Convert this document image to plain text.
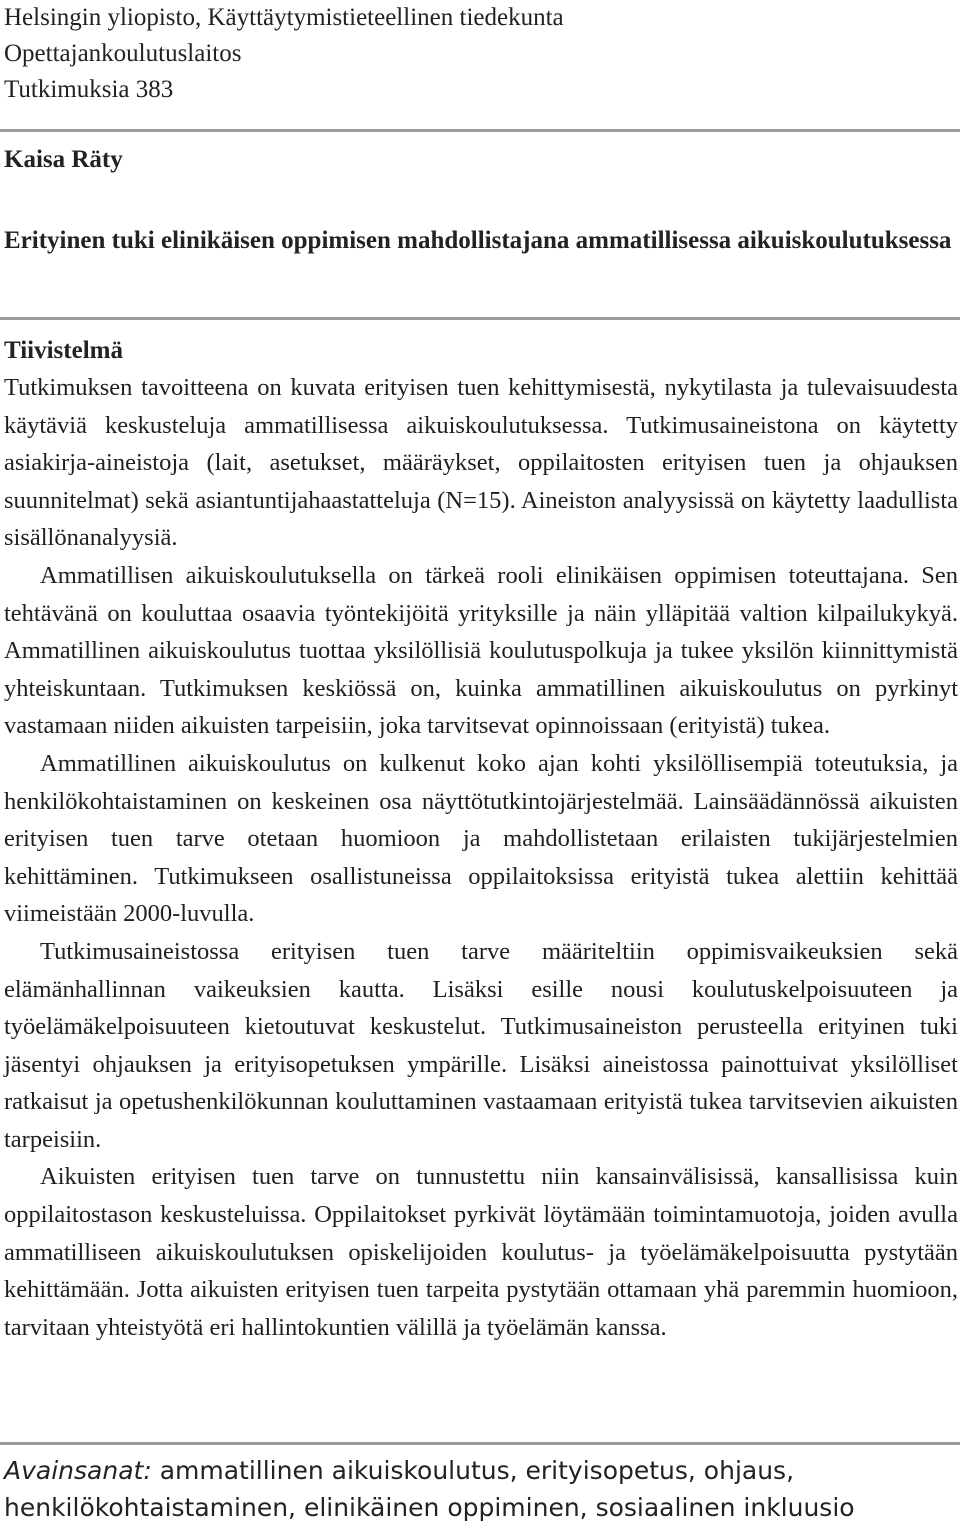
Helsingin yliopisto, Käyttäytymistieteellinen tiedekunta
Opettajankoulutuslaitos
Tutkimuksia 383
Kaisa Räty
Erityinen tuki elinikäisen oppimisen mahdollistajana ammatillisessa aikuiskoulutuksessa
Tiivistelmä

Tutkimuksen tavoitteena on kuvata erityisen tuen kehittymisestä, nykytilasta ja tulevaisuudesta käytäviä keskusteluja ammatillisessa aikuiskoulutuksessa. Tutkimusaineistona on käytetty asiakirja-aineistoja (lait, asetukset, määräykset, oppilaitosten erityisen tuen ja ohjauksen suunnitelmat) sekä asiantuntijahaastatteluja (N=15). Aineiston analyysissä on käytetty laadullista sisällönanalyysiä.

Ammatillisen aikuiskoulutuksella on tärkeä rooli elinikäisen oppimisen toteuttajana. Sen tehtävänä on kouluttaa osaavia työntekijöitä yrityksille ja näin ylläpitää valtion kilpailukykyä. Ammatillinen aikuiskoulutus tuottaa yksilöllisiä koulutuspolkuja ja tukee yksilön kiinnittymistä yhteiskuntaan. Tutkimuksen keskiössä on, kuinka ammatillinen aikuiskoulutus on pyrkinyt vastamaan niiden aikuisten tarpeisiin, joka tarvitsevat opinnoissaan (erityistä) tukea.

Ammatillinen aikuiskoulutus on kulkenut koko ajan kohti yksilöllisempiä toteutuksia, ja henkilökohtaistaminen on keskeinen osa näyttötutkintojärjestelmää. Lainsäädännössä aikuisten erityisen tuen tarve otetaan huomioon ja mahdollistetaan erilaisten tukijärjestelmien kehittäminen. Tutkimukseen osallistuneissa oppilaitoksissa erityistä tukea alettiin kehittää viimeistään 2000-luvulla.

Tutkimusaineistossa erityisen tuen tarve määriteltiin oppimisvaikeuksien sekä elämänhallinnan vaikeuksien kautta. Lisäksi esille nousi koulutuskelpoisuuteen ja työelämäkelpoisuuteen kietoutuvat keskustelut. Tutkimusaineiston perusteella erityinen tuki jäsentyi ohjauksen ja erityisopetuksen ympärille. Lisäksi aineistossa painottuivat yksilölliset ratkaisut ja opetushenkilökunnan kouluttaminen vastaamaan erityistä tukea tarvitsevien aikuisten tarpeisiin.

Aikuisten erityisen tuen tarve on tunnustettu niin kansainvälisissä, kansallisissa kuin oppilaitostason keskusteluissa. Oppilaitokset pyrkivät löytämään toimintamuotoja, joiden avulla ammatilliseen aikuiskoulutuksen opiskelijoiden koulutus- ja työelämäkelpoisuutta pystytään kehittämään. Jotta aikuisten erityisen tuen tarpeita pystytään ottamaan yhä paremmin huomioon, tarvitaan yhteistyötä eri hallintokuntien välillä ja työelämän kanssa.

Avainsanat: ammatillinen aikuiskoulutus, erityisopetus, ohjaus, henkilökohtaistaminen, elinikäinen oppiminen, sosiaalinen inkluusio
